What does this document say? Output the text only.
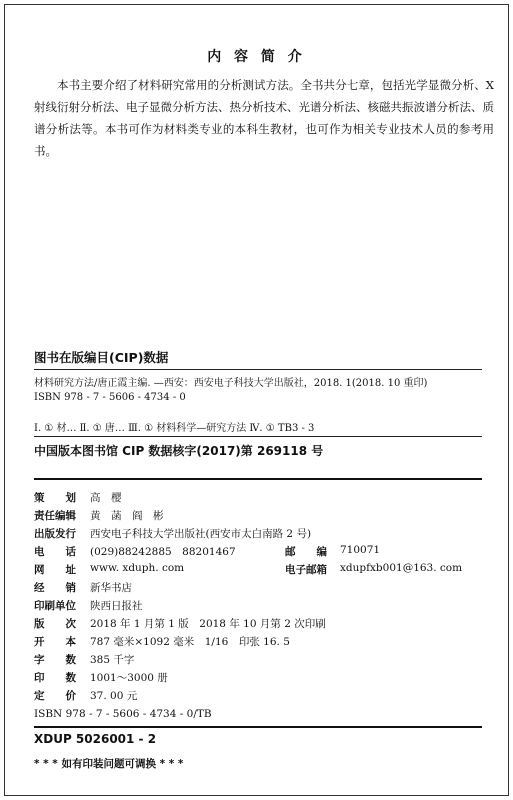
内 容 简 介

本书主要介绍了材料研究常用的分析测试方法。全书共分七章，包括光学显微分析、X射线衍射分析法、电子显微分析方法、热分析技术、光谱分析法、核磁共振波谱分析法、质谱分析法等。本书可作为材料类专业的本科生教材，也可作为相关专业技术人员的参考用书。

图书在版编目(CIP)数据
材料研究方法/唐正霞主编. —西安：西安电子科技大学出版社，2018. 1(2018. 10 重印)
ISBN 978 - 7 - 5606 - 4734 - 0
Ⅰ. ① 材… Ⅱ. ① 唐… Ⅲ. ① 材料科学—研究方法 Ⅳ. ① TB3 - 3
中国版本图书馆 CIP 数据核字(2017)第 269118 号
策　　划 高　樱
责任编辑 黄　菡　阎　彬
出版发行 西安电子科技大学出版社(西安市太白南路 2 号)
电　　话 (029)88242885　88201467	邮　　编 710071
网　　址 www. xduph. com	电子邮箱 xdupfxb001@163. com
经　　销 新华书店
印刷单位 陕西日报社
版　　次 2018 年 1 月第 1 版　2018 年 10 月第 2 次印刷
开　　本 787 毫米×1092 毫米　1/16　印张 16. 5
字　　数 385 千字
印　　数 1001～3000 册
定　　价 37. 00 元
ISBN 978 - 7 - 5606 - 4734 - 0/TB
XDUP 5026001 - 2
* * * 如有印装问题可调换 * * *
